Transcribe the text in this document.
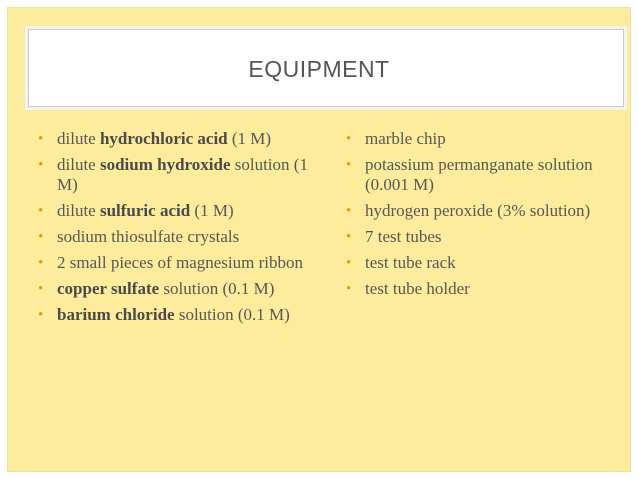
EQUIPMENT
• dilute hydrochloric acid (1 M)
• dilute sodium hydroxide solution (1 M)
• dilute sulfuric acid (1 M)
• sodium thiosulfate crystals
• 2 small pieces of magnesium ribbon
• copper sulfate solution (0.1 M)
• barium chloride solution (0.1 M)
• marble chip
• potassium permanganate solution (0.001 M)
• hydrogen peroxide (3% solution)
• 7 test tubes
• test tube rack
• test tube holder
